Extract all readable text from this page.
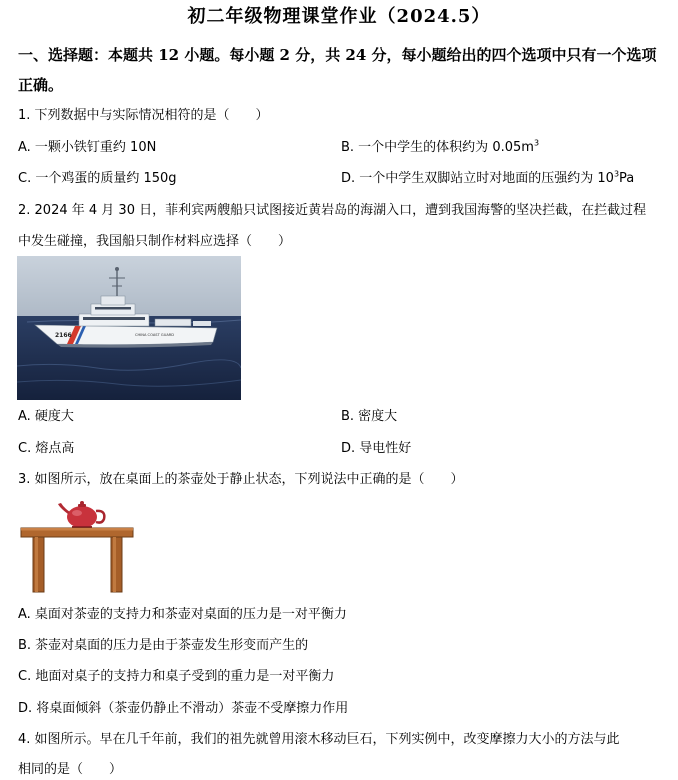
初二年级物理课堂作业（2024.5）
一、选择题：本题共 12 小题。每小题 2 分，共 24 分，每小题给出的四个选项中只有一个选项
正确。
1. 下列数据中与实际情况相符的是（　　）
A. 一颗小铁钉重约 10N	B. 一个中学生的体积约为 $0.05m^3$
C. 一个鸡蛋的质量约 150g	D. 一个中学生双脚站立时对地面的压强约为 $10^3Pa$
2. 2024 年 4 月 30 日，菲利宾两艘船只试图接近黄岩岛的海湖入口，遭到我国海警的坚决拦截，在拦截过程
中发生碰撞，我国船只制作材料应选择（　　）
2166	CHINA COAST GUARD
A. 硬度大	B. 密度大
C. 熔点高	D. 导电性好
3. 如图所示，放在桌面上的茶壶处于静止状态，下列说法中正确的是（　　）
A. 桌面对茶壶的支持力和茶壶对桌面的压力是一对平衡力
B. 茶壶对桌面的压力是由于茶壶发生形变而产生的
C. 地面对桌子的支持力和桌子受到的重力是一对平衡力
D. 将桌面倾斜（茶壶仍静止不滑动）茶壶不受摩擦力作用
4. 如图所示。早在几千年前，我们的祖先就曾用滚木移动巨石，下列实例中，改变摩擦力大小的方法与此
相同的是（　　）
